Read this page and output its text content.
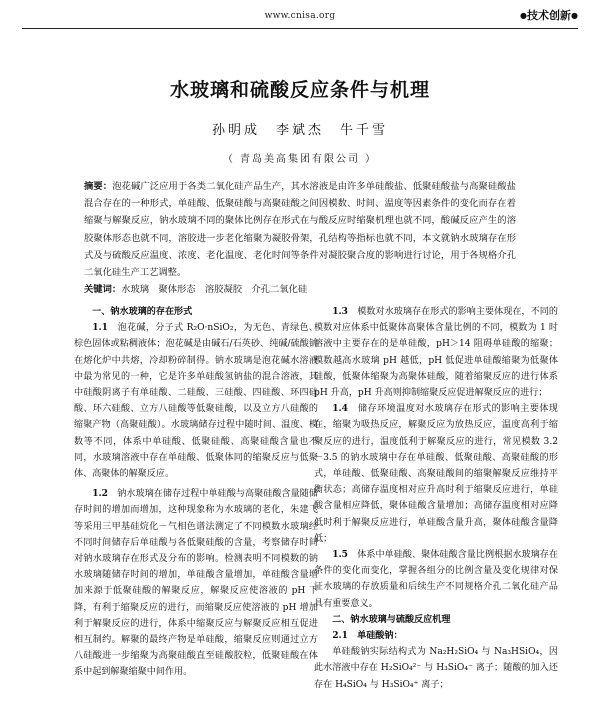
www.cnisa.org	●技术创新●
水玻璃和硫酸反应条件与机理
孙明成　李斌杰　牛千雪
（ 青岛美高集团有限公司 ）

摘要：泡花碱广泛应用于各类二氧化硅产品生产，其水溶液是由许多单硅酸盐、低聚硅酸盐与高聚硅酸盐混合存在的一种形式，单硅酸、低聚硅酸与高聚硅酸之间因模数、时间、温度等因素条件的变化而存在着缩聚与解聚反应，钠水玻璃不同的聚体比例存在形式在与酸反应时缩聚机理也就不同，酸碱反应产生的溶胶聚体形态也就不同，溶胶进一步老化缩聚为凝胶骨架，孔结构等指标也就不同，本文就钠水玻璃存在形式及与硫酸反应温度、浓度、老化温度、老化时间等条件对凝胶聚合度的影响进行讨论，用于各规格介孔二氧化硅生产工艺调整。

关键词：水玻璃　聚体形态　溶胶凝胶　介孔二氧化硅

一、钠水玻璃的存在形式

1.1　泡花碱，分子式 R₂O·nSiO₂，为无色、青绿色、棕色固体或粘稠液体；泡花碱是由碱石/石英砂、纯碱/硫酸钠在熔化炉中共熔，冷却粉碎制得。钠水玻璃是泡花碱水溶液中最为常见的一种，它是许多单硅酸氢钠盐的混合溶液，其中硅酸阴离子有单硅酸、二硅酸、三硅酸、四硅酸、环四硅酸、环六硅酸、立方八硅酸等低聚硅酸，以及立方八硅酸的缩聚产物（高聚硅酸）。水玻璃储存过程中随时间、温度、模数等不同，体系中单硅酸、低聚硅酸、高聚硅酸含量也不同，水玻璃溶液中存在单硅酸、低聚体同的缩聚反应与低聚体、高聚体的解聚反应。

1.2　钠水玻璃在储存过程中单硅酸与高聚硅酸含量随储存时间的增加而增加，这种现象称为水玻璃的老化，朱建飞等采用三甲基硅烷化－气相色谱法测定了不同模数水玻璃经不同时间储存后单硅酸与各低聚硅酸的含量，考察储存时间对钠水玻璃存在形式及分布的影响。检测表明不同模数的钠水玻璃随储存时间的增加，单硅酸含量增加，单硅酸含量增加来源于低聚硅酸的解聚反应，解聚反应使溶液的 pH 下降，有利于缩聚反应的进行，而缩聚反应使溶液的 pH 增加利于解聚反应的进行，体系中缩聚反应与解聚反应相互促进相互制约。解聚的最终产物是单硅酸，缩聚反应则通过立方八硅酸进一步缩聚为高聚硅酸直至硅酸胶粒，低聚硅酸在体系中起到解聚缩聚中间作用。

1.3　模数对水玻璃存在形式的影响主要体现在，不同的模数对应体系中低聚体高聚体含量比例的不同，模数为 1 时溶液中主要存在的是单硅酸，pH＞14 阻碍单硅酸的缩聚；模数越高水玻璃 pH 越低，pH 低促进单硅酸缩聚为低聚体硅酸，低聚体缩聚为高聚体硅酸，随着缩聚反应的进行体系 pH 升高，pH 升高则抑制缩聚反应促进解聚反应的进行；

1.4　储存环境温度对水玻璃存在形式的影响主要体现在，缩聚为吸热反应，解聚反应为放热反应，温度高利于缩聚反应的进行，温度低利于解聚反应的进行，常见模数 3.2－3.5 的钠水玻璃中存在单硅酸、低聚硅酸、高聚硅酸的形式，单硅酸、低聚硅酸、高聚硅酸间的缩聚解聚反应维持平衡状态；高储存温度相对应升高时利于缩聚反应进行，单硅酸含量相应降低，聚体硅酸含量增加；高储存温度相对应降低时利于解聚反应进行，单硅酸含量升高，聚体硅酸含量降低；

1.5　体系中单硅酸、聚体硅酸含量比例根据水玻璃存在条件的变化而变化，掌握各组分的比例含量及变化规律对保证水玻璃的存放质量和后续生产不同规格介孔二氧化硅产品具有重要意义。

二、钠水玻璃与硫酸反应机理

2.1　单硅酸钠：

单硅酸钠实际结构式为 Na₂H₂SiO₄ 与 Na₃HSiO₄，因此水溶液中存在 H₂SiO₄²⁻ 与 H₃SiO₄⁻ 离子；随酸的加入还存在 H₄SiO₄ 与 H₃SiO₄⁺ 离子；
